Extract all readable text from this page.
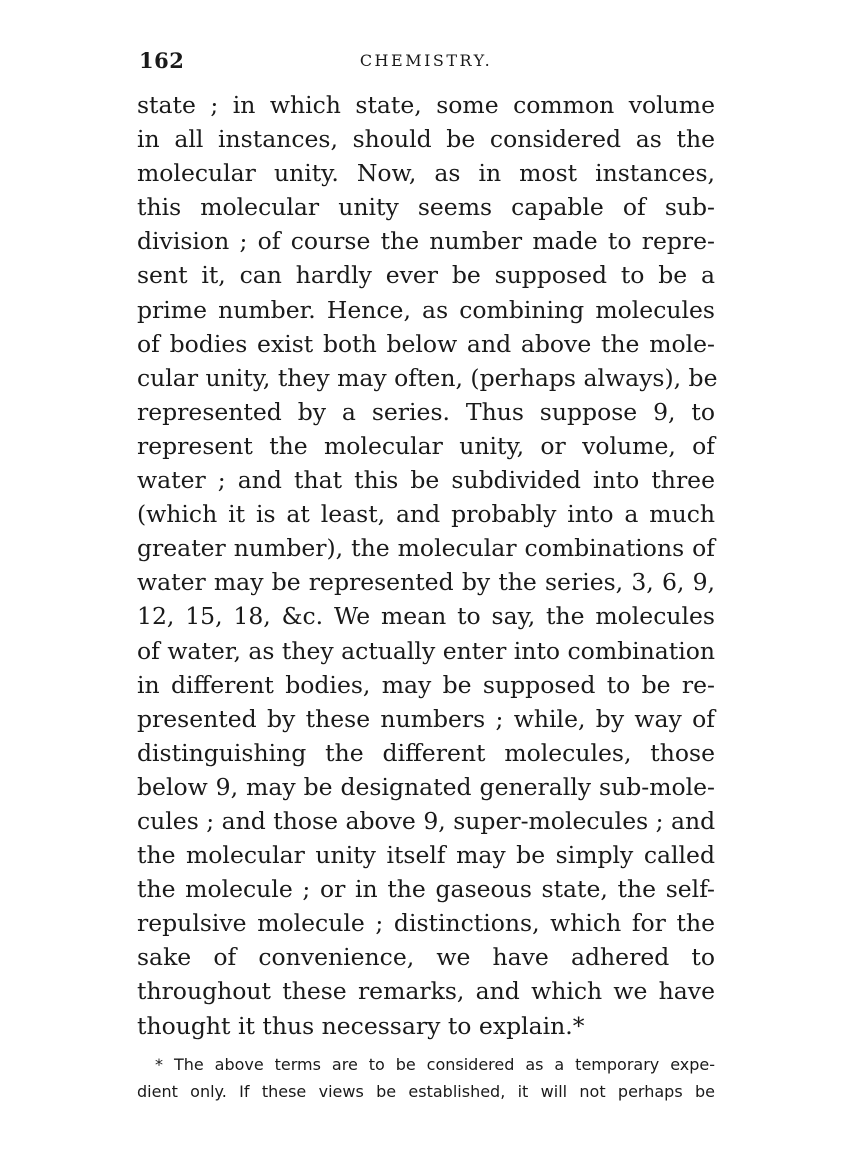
162	CHEMISTRY.
state ; in which state, some common volume
in all instances, should be considered as the
molecular unity. Now, as in most instances,
this molecular unity seems capable of sub-
division ; of course the number made to repre-
sent it, can hardly ever be supposed to be a
prime number. Hence, as combining molecules
of bodies exist both below and above the mole-
cular unity, they may often, (perhaps always), be
represented by a series. Thus suppose 9, to
represent the molecular unity, or volume, of
water ; and that this be subdivided into three
(which it is at least, and probably into a much
greater number), the molecular combinations of
water may be represented by the series, 3, 6, 9,
12, 15, 18, &c. We mean to say, the molecules
of water, as they actually enter into combination
in different bodies, may be supposed to be re-
presented by these numbers ; while, by way of
distinguishing the different molecules, those
below 9, may be designated generally sub-mole-
cules ; and those above 9, super-molecules ; and
the molecular unity itself may be simply called
the molecule ; or in the gaseous state, the self-
repulsive molecule ; distinctions, which for the
sake of convenience, we have adhered to
throughout these remarks, and which we have
thought it thus necessary to explain.*
* The above terms are to be considered as a temporary expe-
dient only. If these views be established, it will not perhaps be
